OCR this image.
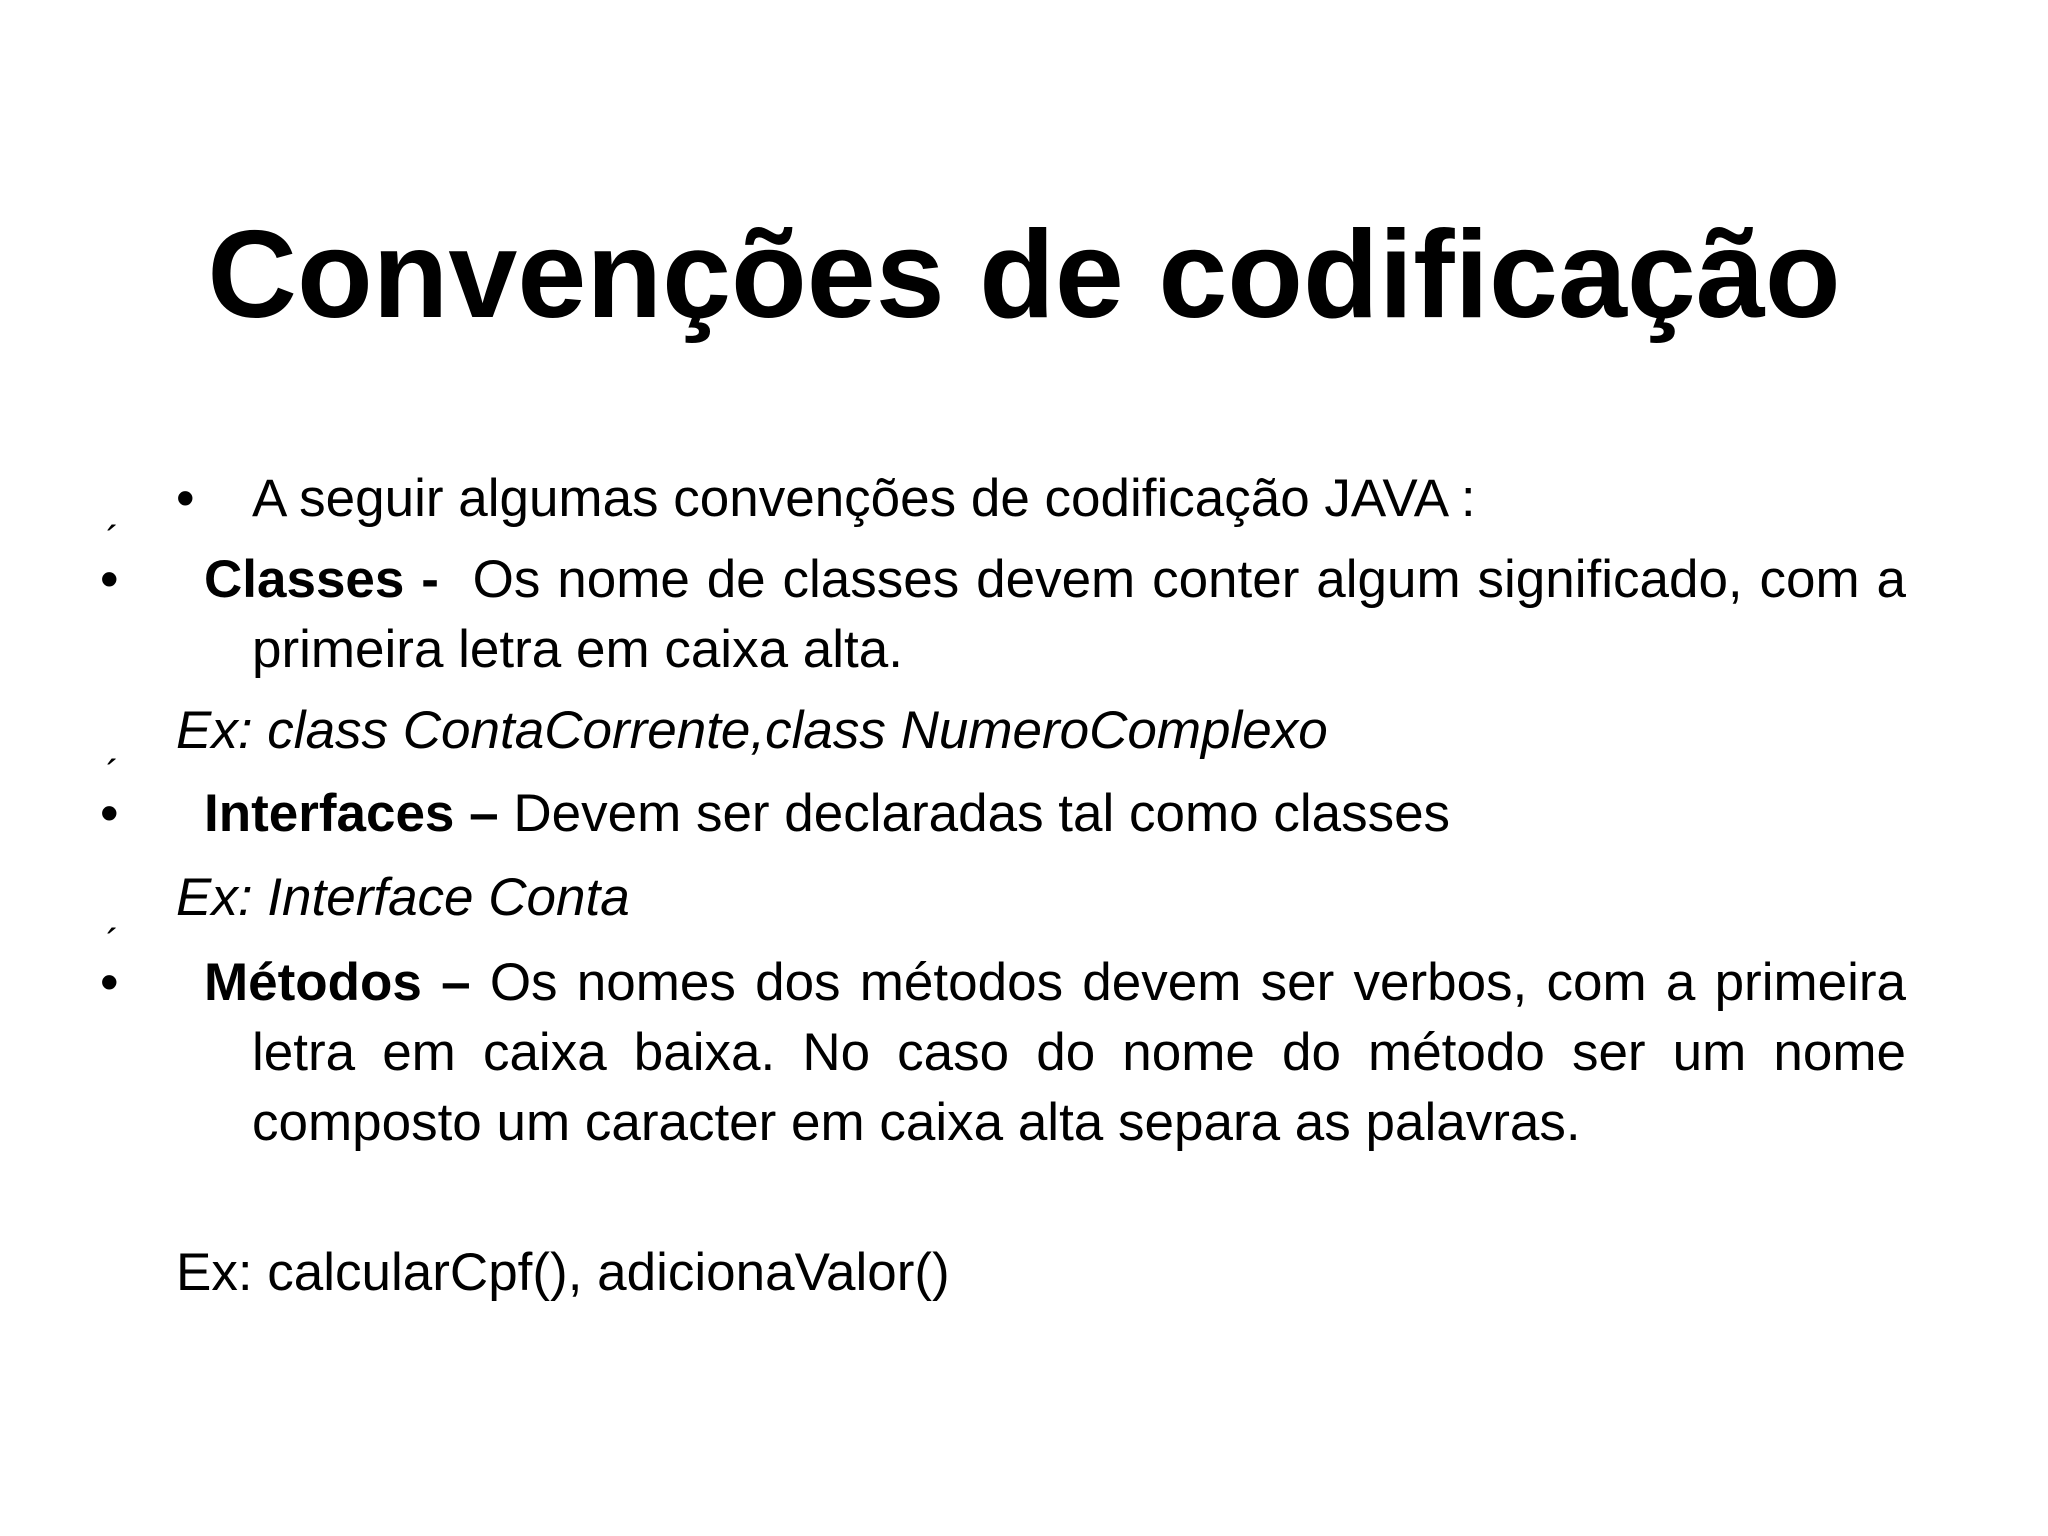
Convenções de codificação
•	A seguir algumas convenções de codificação JAVA :
´
• Classes - Os nome de classes devem conter algum significado, com a primeira letra em caixa alta.
Ex: class ContaCorrente,class NumeroComplexo
´
• Interfaces – Devem ser declaradas tal como classes
Ex: Interface Conta
´
• Métodos – Os nomes dos métodos devem ser verbos, com a primeira letra em caixa baixa. No caso do nome do método ser um nome composto um caracter em caixa alta separa as palavras.
Ex: calcularCpf(), adicionaValor()
